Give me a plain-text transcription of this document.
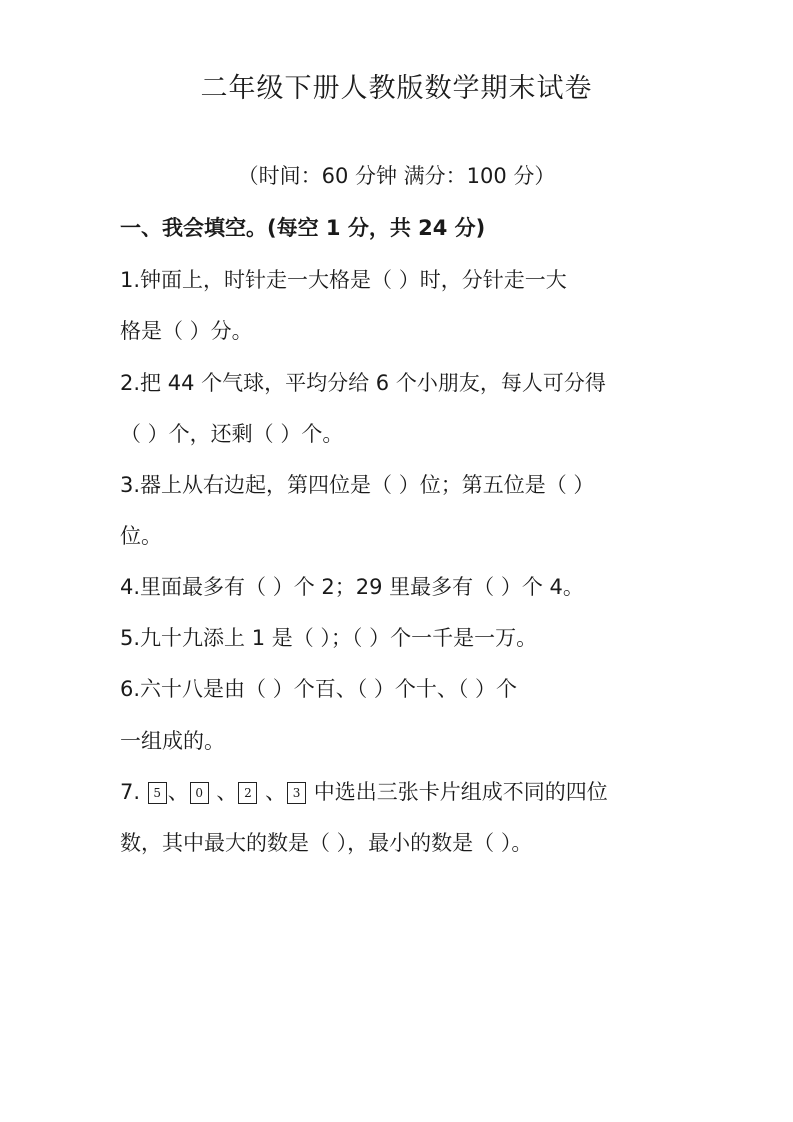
二年级下册人教版数学期末试卷
（时间：60 分钟 满分：100 分）
一、我会填空。(每空 1 分，共 24 分)
1.钟面上，时针走一大格是（ ）时，分针走一大
格是（ ）分。
2.把 44 个气球，平均分给 6 个小朋友，每人可分得
（ ）个，还剩（ ）个。
3.器上从右边起，第四位是（ ）位；第五位是（ ）
位。
4.里面最多有（ ）个 2；29 里最多有（ ）个 4。
5.九十九添上 1 是（ ）；（ ）个一千是一万。
6.六十八是由（ ）个百、（ ）个十、（ ）个
一组成的。
7. 5 、 0 、 2 、 3 中选出三张卡片组成不同的四位
数，其中最大的数是（ ），最小的数是（ ）。
